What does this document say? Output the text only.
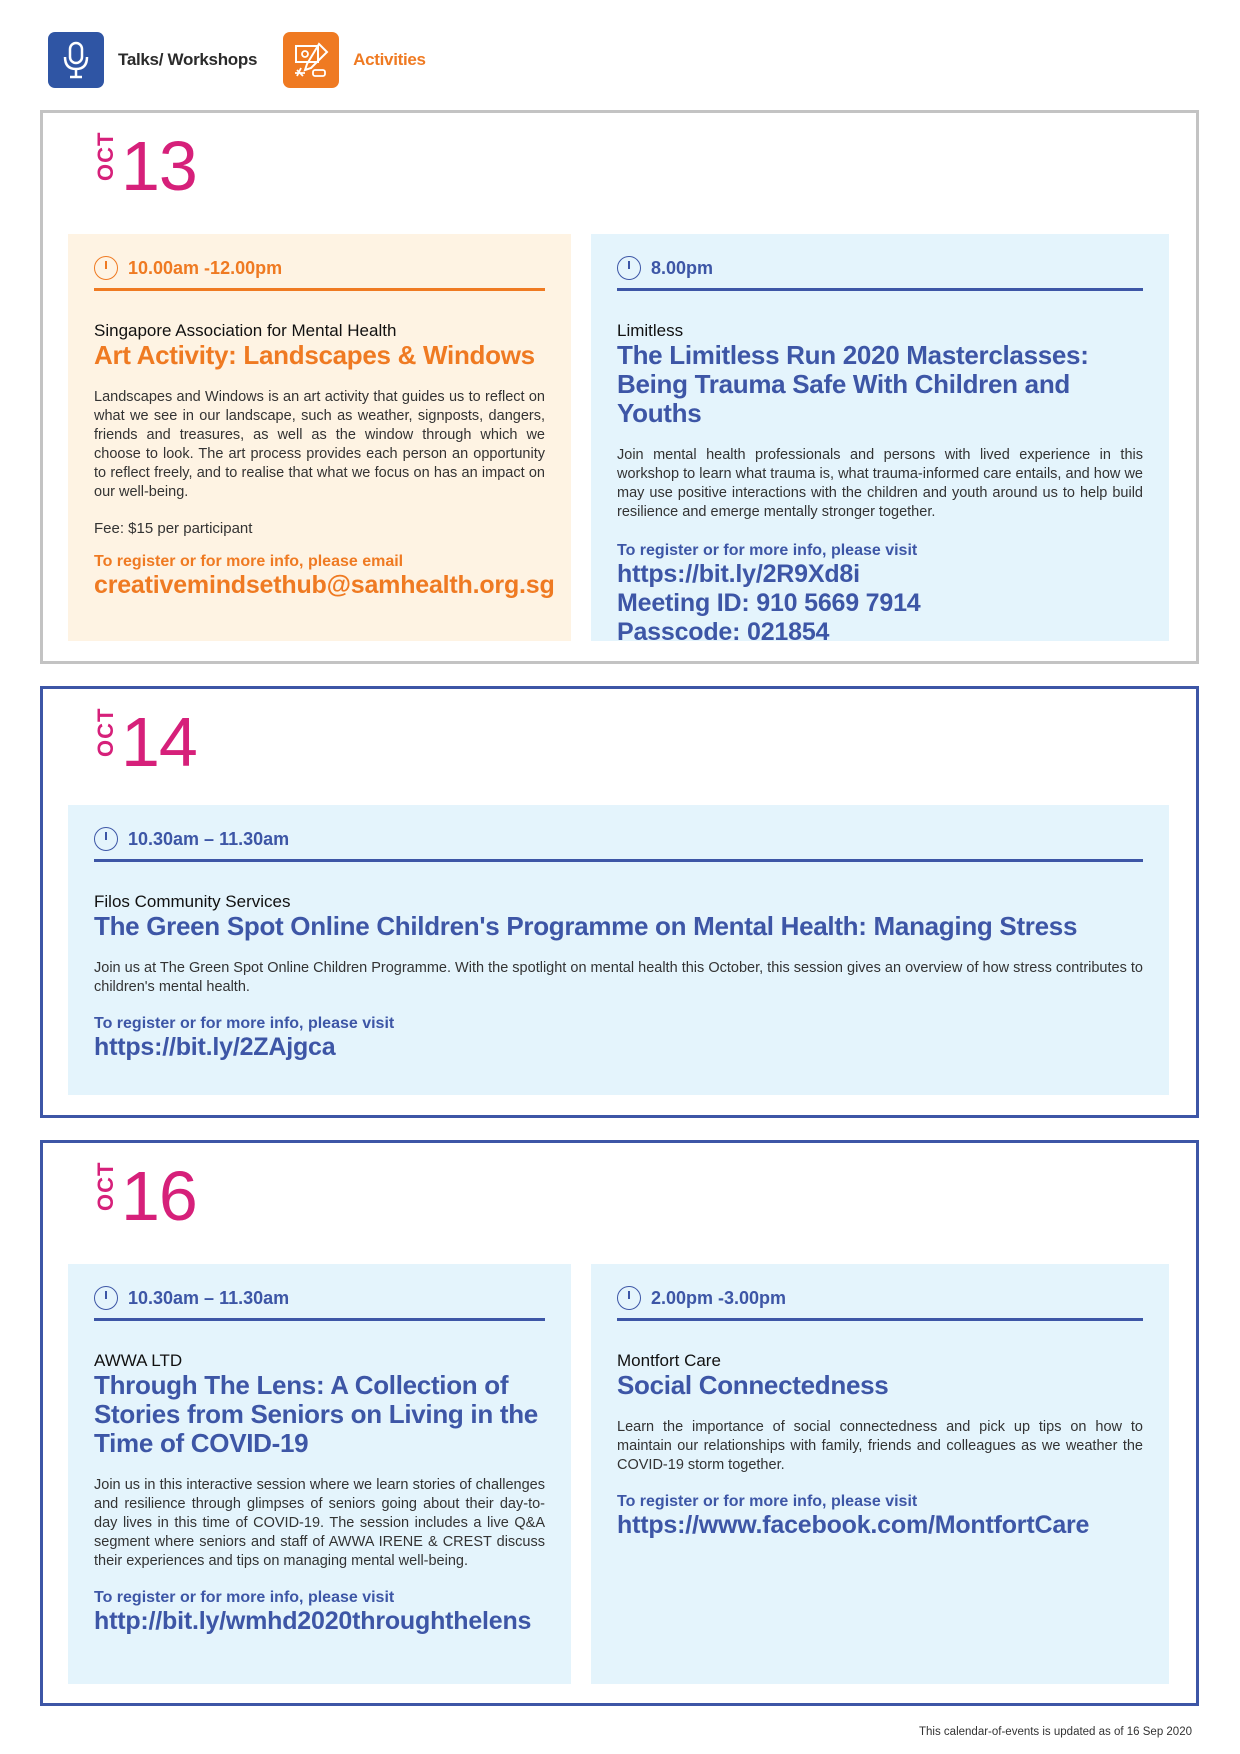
Talks/ Workshops	Activities
OCT 13
10.00am -12.00pm
Singapore Association for Mental Health
Art Activity: Landscapes & Windows
Landscapes and Windows is an art activity that guides us to reflect on what we see in our landscape, such as weather, signposts, dangers, friends and treasures, as well as the window through which we choose to look. The art process provides each person an opportunity to reflect freely, and to realise that what we focus on has an impact on our well-being.
Fee: $15 per participant
To register or for more info, please email
creativemindsethub@samhealth.org.sg
8.00pm
Limitless
The Limitless Run 2020 Masterclasses: Being Trauma Safe With Children and Youths
Join mental health professionals and persons with lived experience in this workshop to learn what trauma is, what trauma-informed care entails, and how we may use positive interactions with the children and youth around us to help build resilience and emerge mentally stronger together.
To register or for more info, please visit
https://bit.ly/2R9Xd8i
Meeting ID: 910 5669 7914
Passcode: 021854
OCT 14
10.30am – 11.30am
Filos Community Services
The Green Spot Online Children's Programme on Mental Health: Managing Stress
Join us at The Green Spot Online Children Programme. With the spotlight on mental health this October, this session gives an overview of how stress contributes to children's mental health.
To register or for more info, please visit
https://bit.ly/2ZAjgca
OCT 16
10.30am – 11.30am
AWWA LTD
Through The Lens: A Collection of Stories from Seniors on Living in the Time of COVID-19
Join us in this interactive session where we learn stories of challenges and resilience through glimpses of seniors going about their day-to-day lives in this time of COVID-19. The session includes a live Q&A segment where seniors and staff of AWWA IRENE & CREST discuss their experiences and tips on managing mental well-being.
To register or for more info, please visit
http://bit.ly/wmhd2020throughthelens
2.00pm -3.00pm
Montfort Care
Social Connectedness
Learn the importance of social connectedness and pick up tips on how to maintain our relationships with family, friends and colleagues as we weather the COVID-19 storm together.
To register or for more info, please visit
https://www.facebook.com/MontfortCare
This calendar-of-events is updated as of 16 Sep 2020
